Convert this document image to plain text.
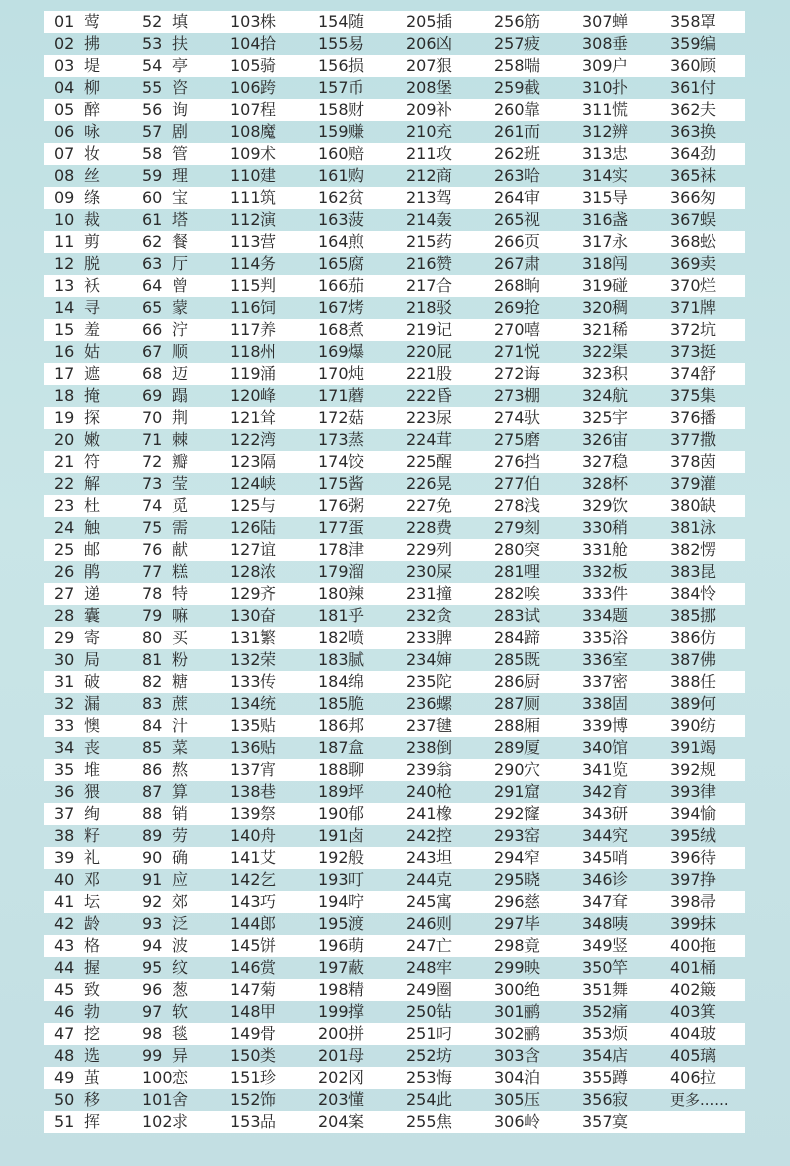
01 莺	52 填	103 株	154 随	205 插	256 筋	307 蝉	358 罩
02 拂	53 扶	104 拾	155 易	206 凶	257 疲	308 垂	359 编
03 堤	54 亭	105 骑	156 损	207 狠	258 喘	309 户	360 顾
04 柳	55 咨	106 跨	157 币	208 堡	259 截	310 扑	361 付
05 醉	56 询	107 程	158 财	209 补	260 靠	311 慌	362 夫
06 咏	57 剧	108 魔	159 赚	210 充	261 而	312 辨	363 换
07 妆	58 管	109 术	160 赔	211 攻	262 班	313 忠	364 劲
08 丝	59 理	110 建	161 购	212 商	263 哈	314 实	365 袜
09 绦	60 宝	111 筑	162 贫	213 驾	264 审	315 导	366 匆
10 裁	61 塔	112 演	163 菠	214 轰	265 视	316 盏	367 蜈
11 剪	62 餐	113 营	164 煎	215 药	266 页	317 永	368 蚣
12 脱	63 厅	114 务	165 腐	216 赞	267 肃	318 闯	369 卖
13 袄	64 曾	115 判	166 茄	217 合	268 晌	319 碰	370 烂
14 寻	65 蒙	116 饲	167 烤	218 驳	269 抢	320 稠	371 牌
15 羞	66 泞	117 养	168 煮	219 记	270 嘻	321 稀	372 坑
16 姑	67 顺	118 州	169 爆	220 屁	271 悦	322 渠	373 挺
17 遮	68 迈	119 涌	170 炖	221 股	272 诲	323 积	374 舒
18 掩	69 蹋	120 峰	171 蘑	222 昏	273 棚	324 航	375 集
19 探	70 荆	121 耸	172 菇	223 尿	274 驮	325 宇	376 播
20 嫩	71 棘	122 湾	173 蒸	224 茸	275 磨	326 宙	377 撒
21 符	72 瓣	123 隔	174 饺	225 醒	276 挡	327 稳	378 茵
22 解	73 莹	124 峡	175 酱	226 晃	277 伯	328 杯	379 灌
23 杜	74 觅	125 与	176 粥	227 免	278 浅	329 饮	380 缺
24 触	75 需	126 陆	177 蛋	228 费	279 刻	330 稍	381 泳
25 邮	76 献	127 谊	178 津	229 列	280 突	331 舱	382 愣
26 鹃	77 糕	128 浓	179 溜	230 屎	281 哩	332 板	383 昆
27 递	78 特	129 齐	180 辣	231 撞	282 唉	333 件	384 怜
28 囊	79 嘛	130 奋	181 乎	232 贪	283 试	334 题	385 挪
29 寄	80 买	131 繁	182 喷	233 脾	284 蹄	335 浴	386 仿
30 局	81 粉	132 荣	183 腻	234 婶	285 既	336 室	387 佛
31 破	82 糖	133 传	184 绵	235 陀	286 厨	337 密	388 任
32 漏	83 蔗	134 统	185 脆	236 螺	287 厕	338 固	389 何
33 懊	84 汁	135 贴	186 邦	237 毽	288 厢	339 博	390 纺
34 丧	85 菜	136 贴	187 盒	238 倒	289 厦	340 馆	391 竭
35 堆	86 熬	137 宵	188 聊	239 翁	290 穴	341 览	392 规
36 猥	87 算	138 巷	189 坪	240 枪	291 窟	342 育	393 律
37 绚	88 销	139 祭	190 郁	241 橡	292 窿	343 研	394 愉
38 籽	89 劳	140 舟	191 卤	242 控	293 窑	344 究	395 绒
39 礼	90 确	141 艾	192 般	243 坦	294 窄	345 哨	396 待
40 邓	91 应	142 乞	193 叮	244 克	295 晓	346 诊	397 挣
41 坛	92 郊	143 巧	194 咛	245 寓	296 慈	347 耷	398 帚
42 龄	93 泛	144 郎	195 渡	246 则	297 毕	348 咦	399 抹
43 格	94 波	145 饼	196 萌	247 亡	298 竟	349 竖	400 拖
44 握	95 纹	146 赏	197 蔽	248 牢	299 映	350 竿	401 桶
45 致	96 葱	147 菊	198 精	249 圈	300 绝	351 舞	402 簸
46 勃	97 软	148 甲	199 撑	250 钻	301 鹂	352 痛	403 箕
47 挖	98 毯	149 骨	200 拼	251 叼	302 鹂	353 烦	404 玻
48 选	99 异	150 类	201 母	252 坊	303 含	354 店	405 璃
49 茧	100 恋	151 珍	202 冈	253 悔	304 泊	355 蹲	406 拉
50 移	101 舍	152 饰	203 懂	254 此	305 压	356 寂	更多......
51 挥	102 求	153 品	204 案	255 焦	306 岭	357 寞
